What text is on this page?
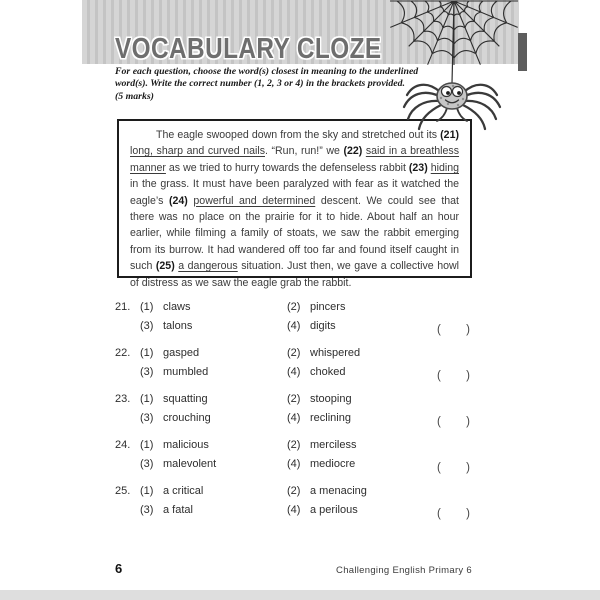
VOCABULARY CLOZE
For each question, choose the word(s) closest in meaning to the underlined
word(s). Write the correct number (1, 2, 3 or 4) in the brackets provided.
(5 marks)

The eagle swooped down from the sky and stretched out its (21) long, sharp and curved nails. “Run, run!” we (22) said in a breathless manner as we tried to hurry towards the defenseless rabbit (23) hiding in the grass. It must have been paralyzed with fear as it watched the eagle’s (24) powerful and determined descent. We could see that there was no place on the prairie for it to hide. About half an hour earlier, while filming a family of stoats, we saw the rabbit emerging from its burrow. It had wandered off too far and found itself caught in such (25) a dangerous situation. Just then, we gave a collective howl of distress as we saw the eagle grab the rabbit.

21. (1) claws	(2) pincers
(3) talons	(4) digits	( )
22. (1) gasped	(2) whispered
(3) mumbled	(4) choked	( )
23. (1) squatting	(2) stooping
(3) crouching	(4) reclining	( )
24. (1) malicious	(2) merciless
(3) malevolent	(4) mediocre	( )
25. (1) a critical	(2) a menacing
(3) a fatal	(4) a perilous	( )
6	Challenging English Primary 6
